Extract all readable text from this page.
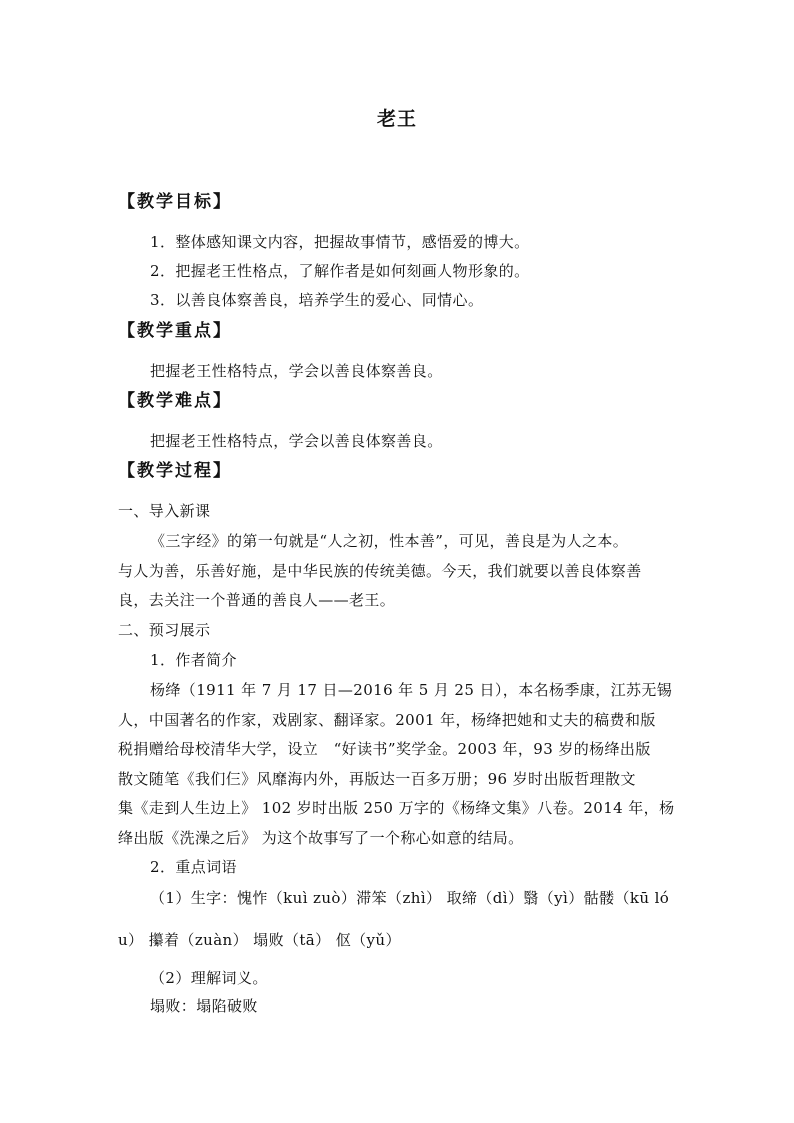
老王
【教学目标】
1．整体感知课文内容，把握故事情节，感悟爱的博大。
2．把握老王性格点，了解作者是如何刻画人物形象的。
3．以善良体察善良，培养学生的爱心、同情心。
【教学重点】
把握老王性格特点，学会以善良体察善良。
【教学难点】
把握老王性格特点，学会以善良体察善良。
【教学过程】
一、导入新课
《三字经》的第一句就是“人之初，性本善”，可见，善良是为人之本。
与人为善，乐善好施，是中华民族的传统美德。今天，我们就要以善良体察善
良，去关注一个普通的善良人——老王。
二、预习展示
1．作者简介
杨绛（1911 年 7 月 17 日—2016 年 5 月 25 日），本名杨季康，江苏无锡
人，中国著名的作家，戏剧家、翻译家。2001 年，杨绛把她和丈夫的稿费和版
税捐赠给母校清华大学，设立　“好读书”奖学金。2003 年，93 岁的杨绛出版
散文随笔《我们仨》风靡海内外，再版达一百多万册；96 岁时出版哲理散文
集《走到人生边上》 102 岁时出版 250 万字的《杨绛文集》八卷。2014 年，杨
绛出版《洗澡之后》 为这个故事写了一个称心如意的结局。
2．重点词语
（1）生字：愧怍（kuì zuò）滞笨（zhì） 取缔（dì）翳（yì）骷髅（kū ló
u） 攥着（zuàn） 塌败（tā） 伛（yǔ）
（2）理解词义。
塌败：塌陷破败
